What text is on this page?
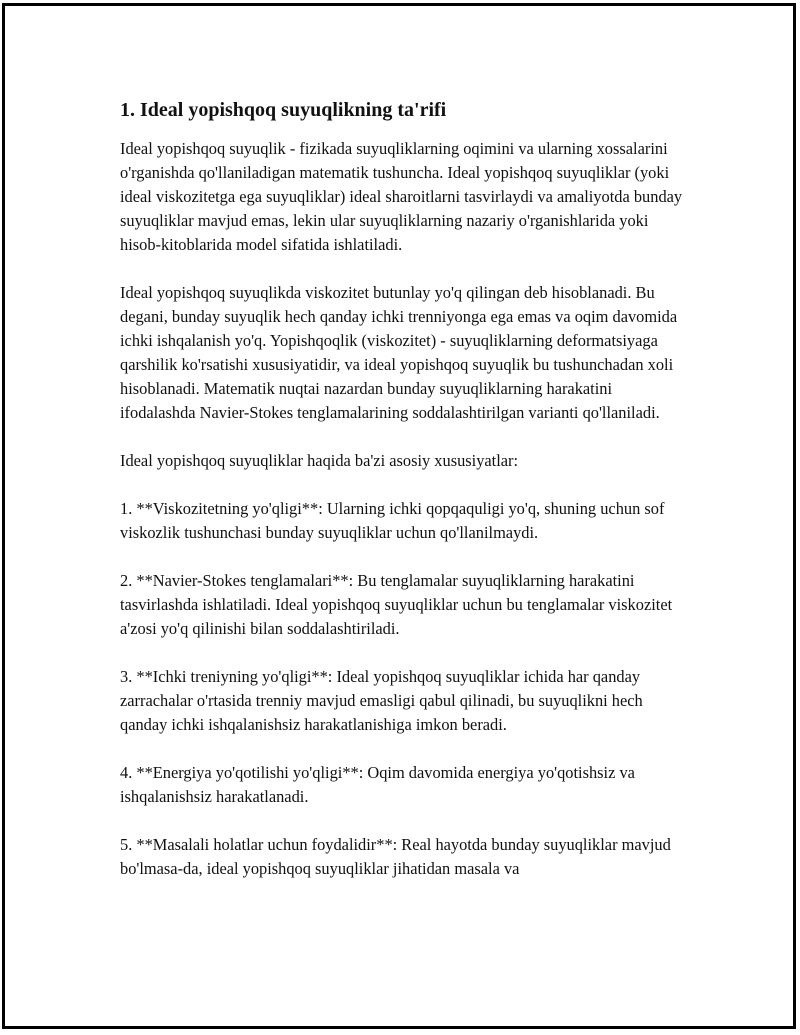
1. Ideal yopishqoq suyuqlikning ta'rifi

Ideal yopishqoq suyuqlik - fizikada suyuqliklarning oqimini va ularning xossalarini o'rganishda qo'llaniladigan matematik tushuncha. Ideal yopishqoq suyuqliklar (yoki ideal viskozitetga ega suyuqliklar) ideal sharoitlarni tasvirlaydi va amaliyotda bunday suyuqliklar mavjud emas, lekin ular suyuqliklarning nazariy o'rganishlarida yoki hisob-kitoblarida model sifatida ishlatiladi.

Ideal yopishqoq suyuqlikda viskozitet butunlay yo'q qilingan deb hisoblanadi. Bu degani, bunday suyuqlik hech qanday ichki trenniyonga ega emas va oqim davomida ichki ishqalanish yo'q. Yopishqoqlik (viskozitet) - suyuqliklarning deformatsiyaga qarshilik ko'rsatishi xususiyatidir, va ideal yopishqoq suyuqlik bu tushunchadan xoli hisoblanadi. Matematik nuqtai nazardan bunday suyuqliklarning harakatini ifodalashda Navier-Stokes tenglamalarining soddalashtirilgan varianti qo'llaniladi.

Ideal yopishqoq suyuqliklar haqida ba'zi asosiy xususiyatlar:

1. **Viskozitetning yo'qligi**: Ularning ichki qopqaquligi yo'q, shuning uchun sof viskozlik tushunchasi bunday suyuqliklar uchun qo'llanilmaydi.

2. **Navier-Stokes tenglamalari**: Bu tenglamalar suyuqliklarning harakatini tasvirlashda ishlatiladi. Ideal yopishqoq suyuqliklar uchun bu tenglamalar viskozitet a'zosi yo'q qilinishi bilan soddalashtiriladi.

3. **Ichki treniyning yo'qligi**: Ideal yopishqoq suyuqliklar ichida har qanday zarrachalar o'rtasida trenniy mavjud emasligi qabul qilinadi, bu suyuqlikni hech qanday ichki ishqalanishsiz harakatlanishiga imkon beradi.

4. **Energiya yo'qotilishi yo'qligi**: Oqim davomida energiya yo'qotishsiz va ishqalanishsiz harakatlanadi.

5. **Masalali holatlar uchun foydalidir**: Real hayotda bunday suyuqliklar mavjud bo'lmasa-da, ideal yopishqoq suyuqliklar jihatidan masala va
